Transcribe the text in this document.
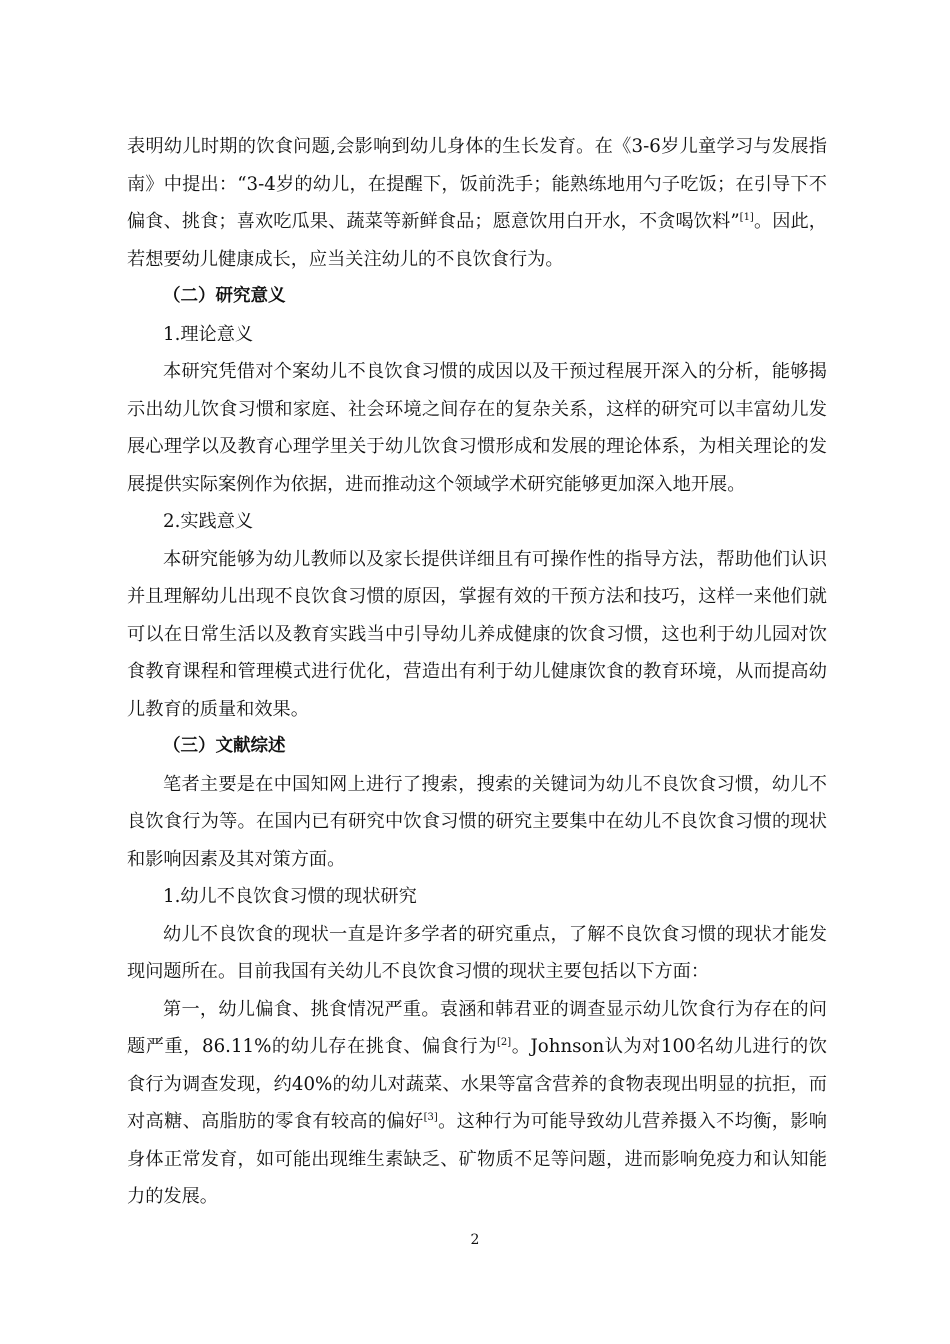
表明幼儿时期的饮食问题,会影响到幼儿身体的生长发育。在《3-6岁儿童学习与发展指南》中提出：“3-4岁的幼儿，在提醒下，饭前洗手；能熟练地用勺子吃饭；在引导下不偏食、挑食；喜欢吃瓜果、蔬菜等新鲜食品；愿意饮用白开水，不贪喝饮料”[1]。因此，若想要幼儿健康成长，应当关注幼儿的不良饮食行为。

（二）研究意义

1.理论意义

本研究凭借对个案幼儿不良饮食习惯的成因以及干预过程展开深入的分析，能够揭示出幼儿饮食习惯和家庭、社会环境之间存在的复杂关系，这样的研究可以丰富幼儿发展心理学以及教育心理学里关于幼儿饮食习惯形成和发展的理论体系，为相关理论的发展提供实际案例作为依据，进而推动这个领域学术研究能够更加深入地开展。

2.实践意义

本研究能够为幼儿教师以及家长提供详细且有可操作性的指导方法，帮助他们认识并且理解幼儿出现不良饮食习惯的原因，掌握有效的干预方法和技巧，这样一来他们就可以在日常生活以及教育实践当中引导幼儿养成健康的饮食习惯，这也利于幼儿园对饮食教育课程和管理模式进行优化，营造出有利于幼儿健康饮食的教育环境，从而提高幼儿教育的质量和效果。

（三）文献综述

笔者主要是在中国知网上进行了搜索，搜索的关键词为幼儿不良饮食习惯，幼儿不良饮食行为等。在国内已有研究中饮食习惯的研究主要集中在幼儿不良饮食习惯的现状和影响因素及其对策方面。

1.幼儿不良饮食习惯的现状研究

幼儿不良饮食的现状一直是许多学者的研究重点，了解不良饮食习惯的现状才能发现问题所在。目前我国有关幼儿不良饮食习惯的现状主要包括以下方面：

第一，幼儿偏食、挑食情况严重。袁涵和韩君亚的调查显示幼儿饮食行为存在的问题严重，86.11%的幼儿存在挑食、偏食行为[2]。Johnson认为对100名幼儿进行的饮食行为调查发现，约40%的幼儿对蔬菜、水果等富含营养的食物表现出明显的抗拒，而对高糖、高脂肪的零食有较高的偏好[3]。这种行为可能导致幼儿营养摄入不均衡，影响身体正常发育，如可能出现维生素缺乏、矿物质不足等问题，进而影响免疫力和认知能力的发展。

2
